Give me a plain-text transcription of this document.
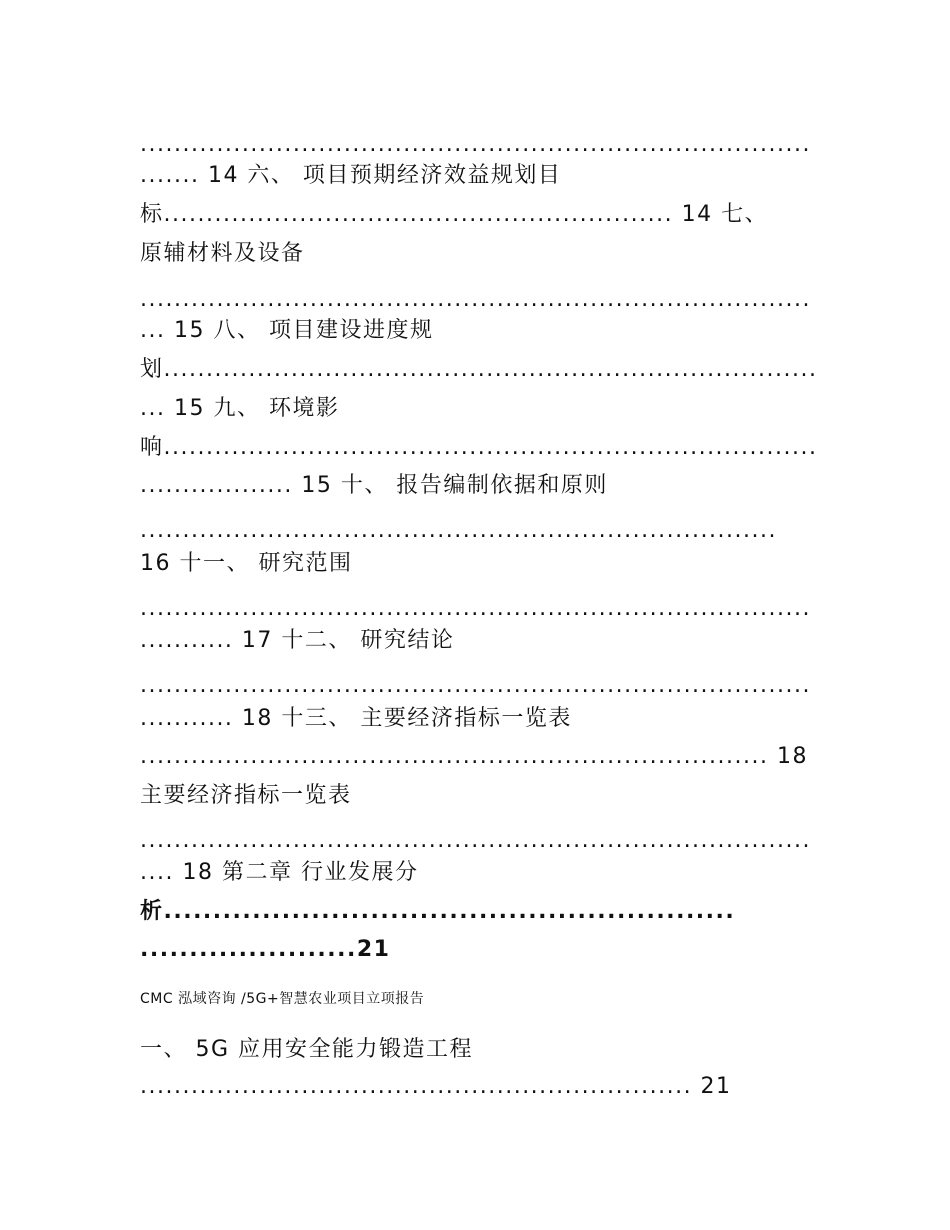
...............................................................................
....... 14 六、 项目预期经济效益规划目
标............................................................ 14 七、
原辅材料及设备
...............................................................................
... 15 八、 项目建设进度规
划.............................................................................
... 15 九、 环境影
响.............................................................................
.................. 15 十、 报告编制依据和原则
...........................................................................
16 十一、 研究范围
...............................................................................
........... 17 十二、 研究结论
...............................................................................
........... 18 十三、 主要经济指标一览表
.......................................................................... 18
主要经济指标一览表
...............................................................................
.... 18 第二章 行业发展分
析..........................................................
......................21
CMC 泓域咨询 /5G+智慧农业项目立项报告
一、 5G 应用安全能力锻造工程
................................................................. 21
